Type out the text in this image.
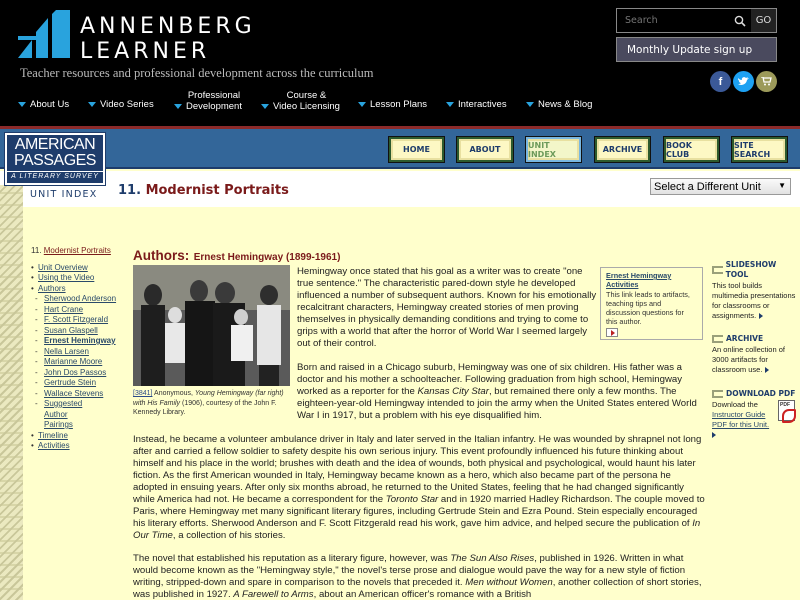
ANNENBERG
LEARNER
Teacher resources and professional development across the curriculum
About Us	Video Series
Professional
Development
Course &
Video Licensing	Lesson Plans	Interactives	News & Blog
Search
GO
Monthly Update sign up
f
AMERICAN
PASSAGES
A LITERARY SURVEY
HOME	ABOUT	UNIT INDEX	ARCHIVE	BOOK CLUB
SITE SEARCH
UNIT INDEX 11. Modernist Portraits	Select a Different Unit ▼
11. Modernist Portraits
• Unit Overview
• Using the Video
• Authors
- Sherwood Anderson
- Hart Crane
- F. Scott Fitzgerald
- Susan Glaspell
- Ernest Hemingway
- Nella Larsen
- Marianne Moore
- John Dos Passos
- Gertrude Stein
- Wallace Stevens
- Suggested
Author
Pairings
• Timeline
• Activities
Authors: Ernest Hemingway (1899-1961)
[3841] Anonymous, Young Hemingway (far right) with His Family (1906), courtesy of the John F. Kennedy Library.
Hemingway once stated that his goal as a writer was to create "one true sentence." The characteristic pared-down style he developed influenced a number of subsequent authors. Known for his emotionally recalcitrant characters, Hemingway created stories of men proving themselves in physically demanding conditions and trying to come to grips with a world that after the horror of World War I seemed largely out of their control.
Born and raised in a Chicago suburb, Hemingway was one of six children. His father was a doctor and his mother a schoolteacher. Following graduation from high school, Hemingway worked as a reporter for the Kansas City Star, but remained there only a few months. The eighteen-year-old Hemingway intended to join the army when the United States entered World War I in 1917, but a problem with his eye disqualified him.
Instead, he became a volunteer ambulance driver in Italy and later served in the Italian infantry. He was wounded by shrapnel not long after and carried a fellow soldier to safety despite his own serious injury. This event profoundly influenced his future thinking about himself and his place in the world; brushes with death and the idea of wounds, both physical and psychological, would haunt his later fiction. As the first American wounded in Italy, Hemingway became known as a hero, which also became part of the persona he adopted in ensuing years. After only six months abroad, he returned to the United States, feeling that he had changed significantly while America had not. He became a correspondent for the Toronto Star and in 1920 married Hadley Richardson. The couple moved to Paris, where Hemingway met many significant literary figures, including Gertrude Stein and Ezra Pound. Stein especially encouraged his literary efforts. Sherwood Anderson and F. Scott Fitzgerald read his work, gave him advice, and helped secure the publication of In Our Time, a collection of his stories.
The novel that established his reputation as a literary figure, however, was The Sun Also Rises, published in 1926. Written in what would become known as the "Hemingway style," the novel's terse prose and dialogue would pave the way for a new style of fiction writing, stripped-down and spare in comparison to the novels that preceded it. Men without Women, another collection of short stories, was published in 1927. A Farewell to Arms, about an American officer's romance with a British
Ernest Hemingway Activities
This link leads to artifacts, teaching tips and discussion questions for this author.
SLIDESHOW TOOL
This tool builds multimedia presentations for classrooms or assignments.
ARCHIVE
An online collection of 3000 artifacts for classroom use.
DOWNLOAD PDF
Download the Instructor Guide PDF for this Unit.
PDF
